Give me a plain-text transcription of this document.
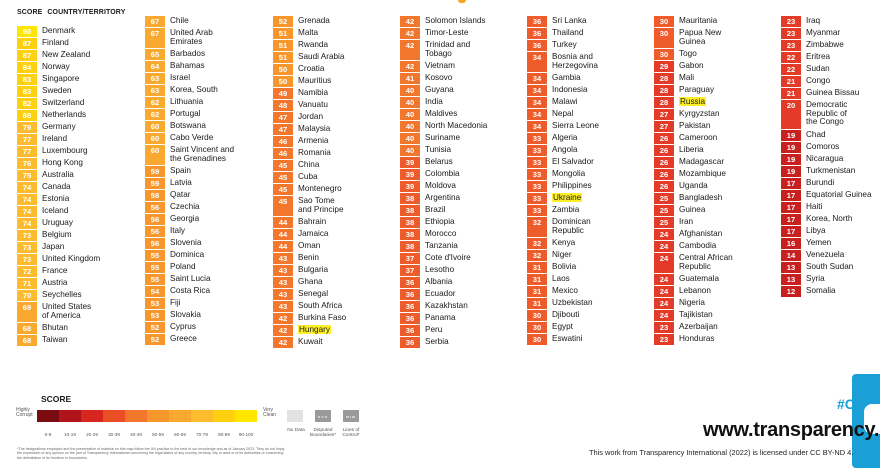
SCORE COUNTRY/TERRITORY
90	Denmark
87	Finland
87	New Zealand
84	Norway
83	Singapore
83	Sweden
82	Switzerland
80	Netherlands
79	Germany
77	Ireland
77	Luxembourg
76	Hong Kong
75	Australia
74	Canada
74	Estonia
74	Iceland
74	Uruguay
73	Belgium
73	Japan
73	United Kingdom
72	France
71	Austria
70	Seychelles
69	United States
of America
68	Bhutan
68	Taiwan
67	Chile
67	United Arab
Emirates
65	Barbados
64	Bahamas
63	Israel
63	Korea, South
62	Lithuania
62	Portugal
60	Botswana
60	Cabo Verde
60	Saint Vincent and
the Grenadines
59	Spain
59	Latvia
58	Qatar
56	Czechia
56	Georgia
56	Italy
56	Slovenia
55	Dominica
55	Poland
55	Saint Lucia
54	Costa Rica
53	Fiji
53	Slovakia
52	Cyprus
52	Greece
52	Grenada
51	Malta
51	Rwanda
51	Saudi Arabia
50	Croatia
50	Mauritius
49	Namibia
48	Vanuatu
47	Jordan
47	Malaysia
46	Armenia
46	Romania
45	China
45	Cuba
45	Montenegro
45	Sao Tome
and Principe
44	Bahrain
44	Jamaica
44	Oman
43	Benin
43	Bulgaria
43	Ghana
43	Senegal
43	South Africa
42	Burkina Faso
42	Hungary
42	Kuwait
42	Solomon Islands
42	Timor-Leste
42	Trinidad and
Tobago
42	Vietnam
41	Kosovo
40	Guyana
40	India
40	Maldives
40	North Macedonia
40	Suriname
40	Tunisia
39	Belarus
39	Colombia
39	Moldova
38	Argentina
38	Brazil
38	Ethiopia
38	Morocco
38	Tanzania
37	Cote d'Ivoire
37	Lesotho
36	Albania
36	Ecuador
36	Kazakhstan
36	Panama
36	Peru
36	Serbia
36	Sri Lanka
36	Thailand
36	Turkey
34	Bosnia and
Herzegovina
34	Gambia
34	Indonesia
34	Malawi
34	Nepal
34	Sierra Leone
33	Algeria
33	Angola
33	El Salvador
33	Mongolia
33	Philippines
33	Ukraine
33	Zambia
32	Dominican
Republic
32	Kenya
32	Niger
31	Bolivia
31	Laos
31	Mexico
31	Uzbekistan
30	Djibouti
30	Egypt
30	Eswatini
30	Mauritania
30	Papua New
Guinea
30	Togo
29	Gabon
28	Mali
28	Paraguay
28	Russia
27	Kyrgyzstan
27	Pakistan
26	Cameroon
26	Liberia
26	Madagascar
26	Mozambique
26	Uganda
25	Bangladesh
25	Guinea
25	Iran
24	Afghanistan
24	Cambodia
24	Central African
Republic
24	Guatemala
24	Lebanon
24	Nigeria
24	Tajikistan
23	Azerbaijan
23	Honduras
23	Iraq
23	Myanmar
23	Zimbabwe
22	Eritrea
22	Sudan
21	Congo
21	Guinea Bissau
20	Democratic
Republic of
the Congo
19	Chad
19	Comoros
19	Nicaragua
19	Turkmenistan
17	Burundi
17	Equatorial Guinea
17	Haiti
17	Korea, North
17	Libya
16	Yemen
14	Venezuela
13	South Sudan
13	Syria
12	Somalia
SCORE
Highly
Corrupt
Very
Clean
0-9	10-19	20-29	30-39	40-49	50-59	60-69	70-79	80-89	90-100
No Data	Disputed
Boundaries*
Lines of
Control*
*The designations employed and the presentation of material on this map follow the UN practice to the best of our knowledge and as of January 2023. They do not imply the expression of any opinion on the part of Transparency International concerning the legal status of any country, territory, city or area or of its authorities or concerning the delimitation of its frontiers or boundaries.
#C
www.transparency.
This work from Transparency International (2022) is licensed under CC BY-ND 4.
